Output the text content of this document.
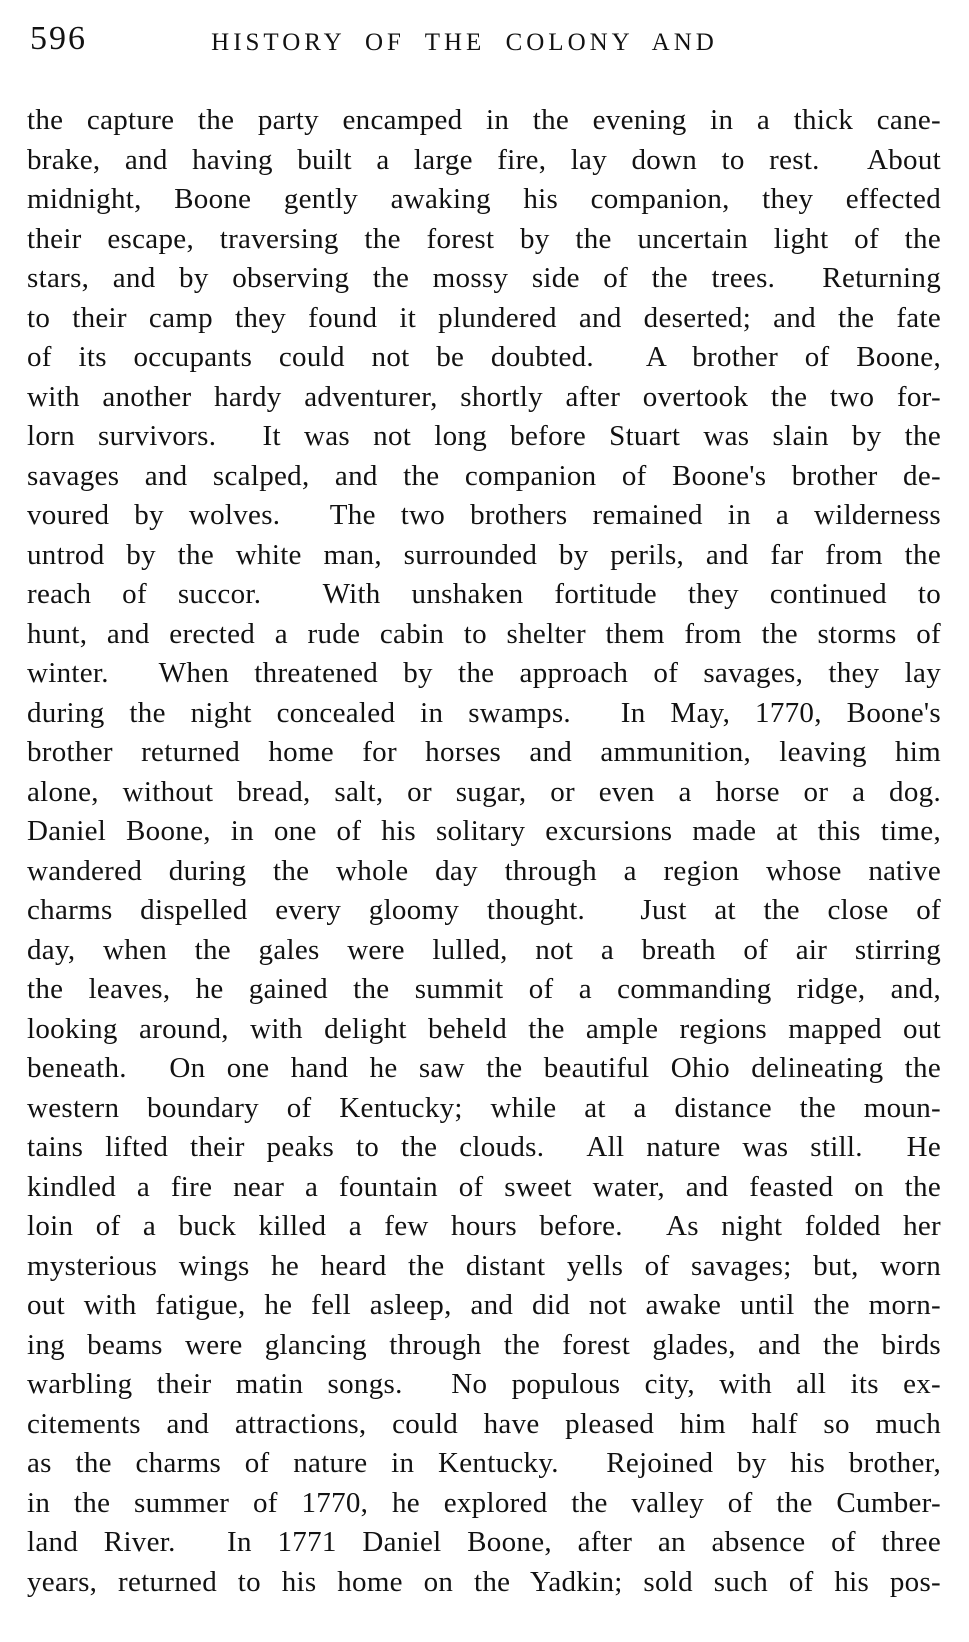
596	HISTORY OF THE COLONY AND
the capture the party encamped in the evening in a thick cane-
brake, and having built a large fire, lay down to rest.  About
midnight, Boone gently awaking his companion, they effected
their escape, traversing the forest by the uncertain light of the
stars, and by observing the mossy side of the trees.  Returning
to their camp they found it plundered and deserted; and the fate
of its occupants could not be doubted.  A brother of Boone,
with another hardy adventurer, shortly after overtook the two for-
lorn survivors.  It was not long before Stuart was slain by the
savages and scalped, and the companion of Boone's brother de-
voured by wolves.  The two brothers remained in a wilderness
untrod by the white man, surrounded by perils, and far from the
reach of succor.  With unshaken fortitude they continued to
hunt, and erected a rude cabin to shelter them from the storms of
winter.  When threatened by the approach of savages, they lay
during the night concealed in swamps.  In May, 1770, Boone's
brother returned home for horses and ammunition, leaving him
alone, without bread, salt, or sugar, or even a horse or a dog.
Daniel Boone, in one of his solitary excursions made at this time,
wandered during the whole day through a region whose native
charms dispelled every gloomy thought.  Just at the close of
day, when the gales were lulled, not a breath of air stirring
the leaves, he gained the summit of a commanding ridge, and,
looking around, with delight beheld the ample regions mapped out
beneath.  On one hand he saw the beautiful Ohio delineating the
western boundary of Kentucky; while at a distance the moun-
tains lifted their peaks to the clouds.  All nature was still.  He
kindled a fire near a fountain of sweet water, and feasted on the
loin of a buck killed a few hours before.  As night folded her
mysterious wings he heard the distant yells of savages; but, worn
out with fatigue, he fell asleep, and did not awake until the morn-
ing beams were glancing through the forest glades, and the birds
warbling their matin songs.  No populous city, with all its ex-
citements and attractions, could have pleased him half so much
as the charms of nature in Kentucky.  Rejoined by his brother,
in the summer of 1770, he explored the valley of the Cumber-
land River.  In 1771 Daniel Boone, after an absence of three
years, returned to his home on the Yadkin; sold such of his pos-
